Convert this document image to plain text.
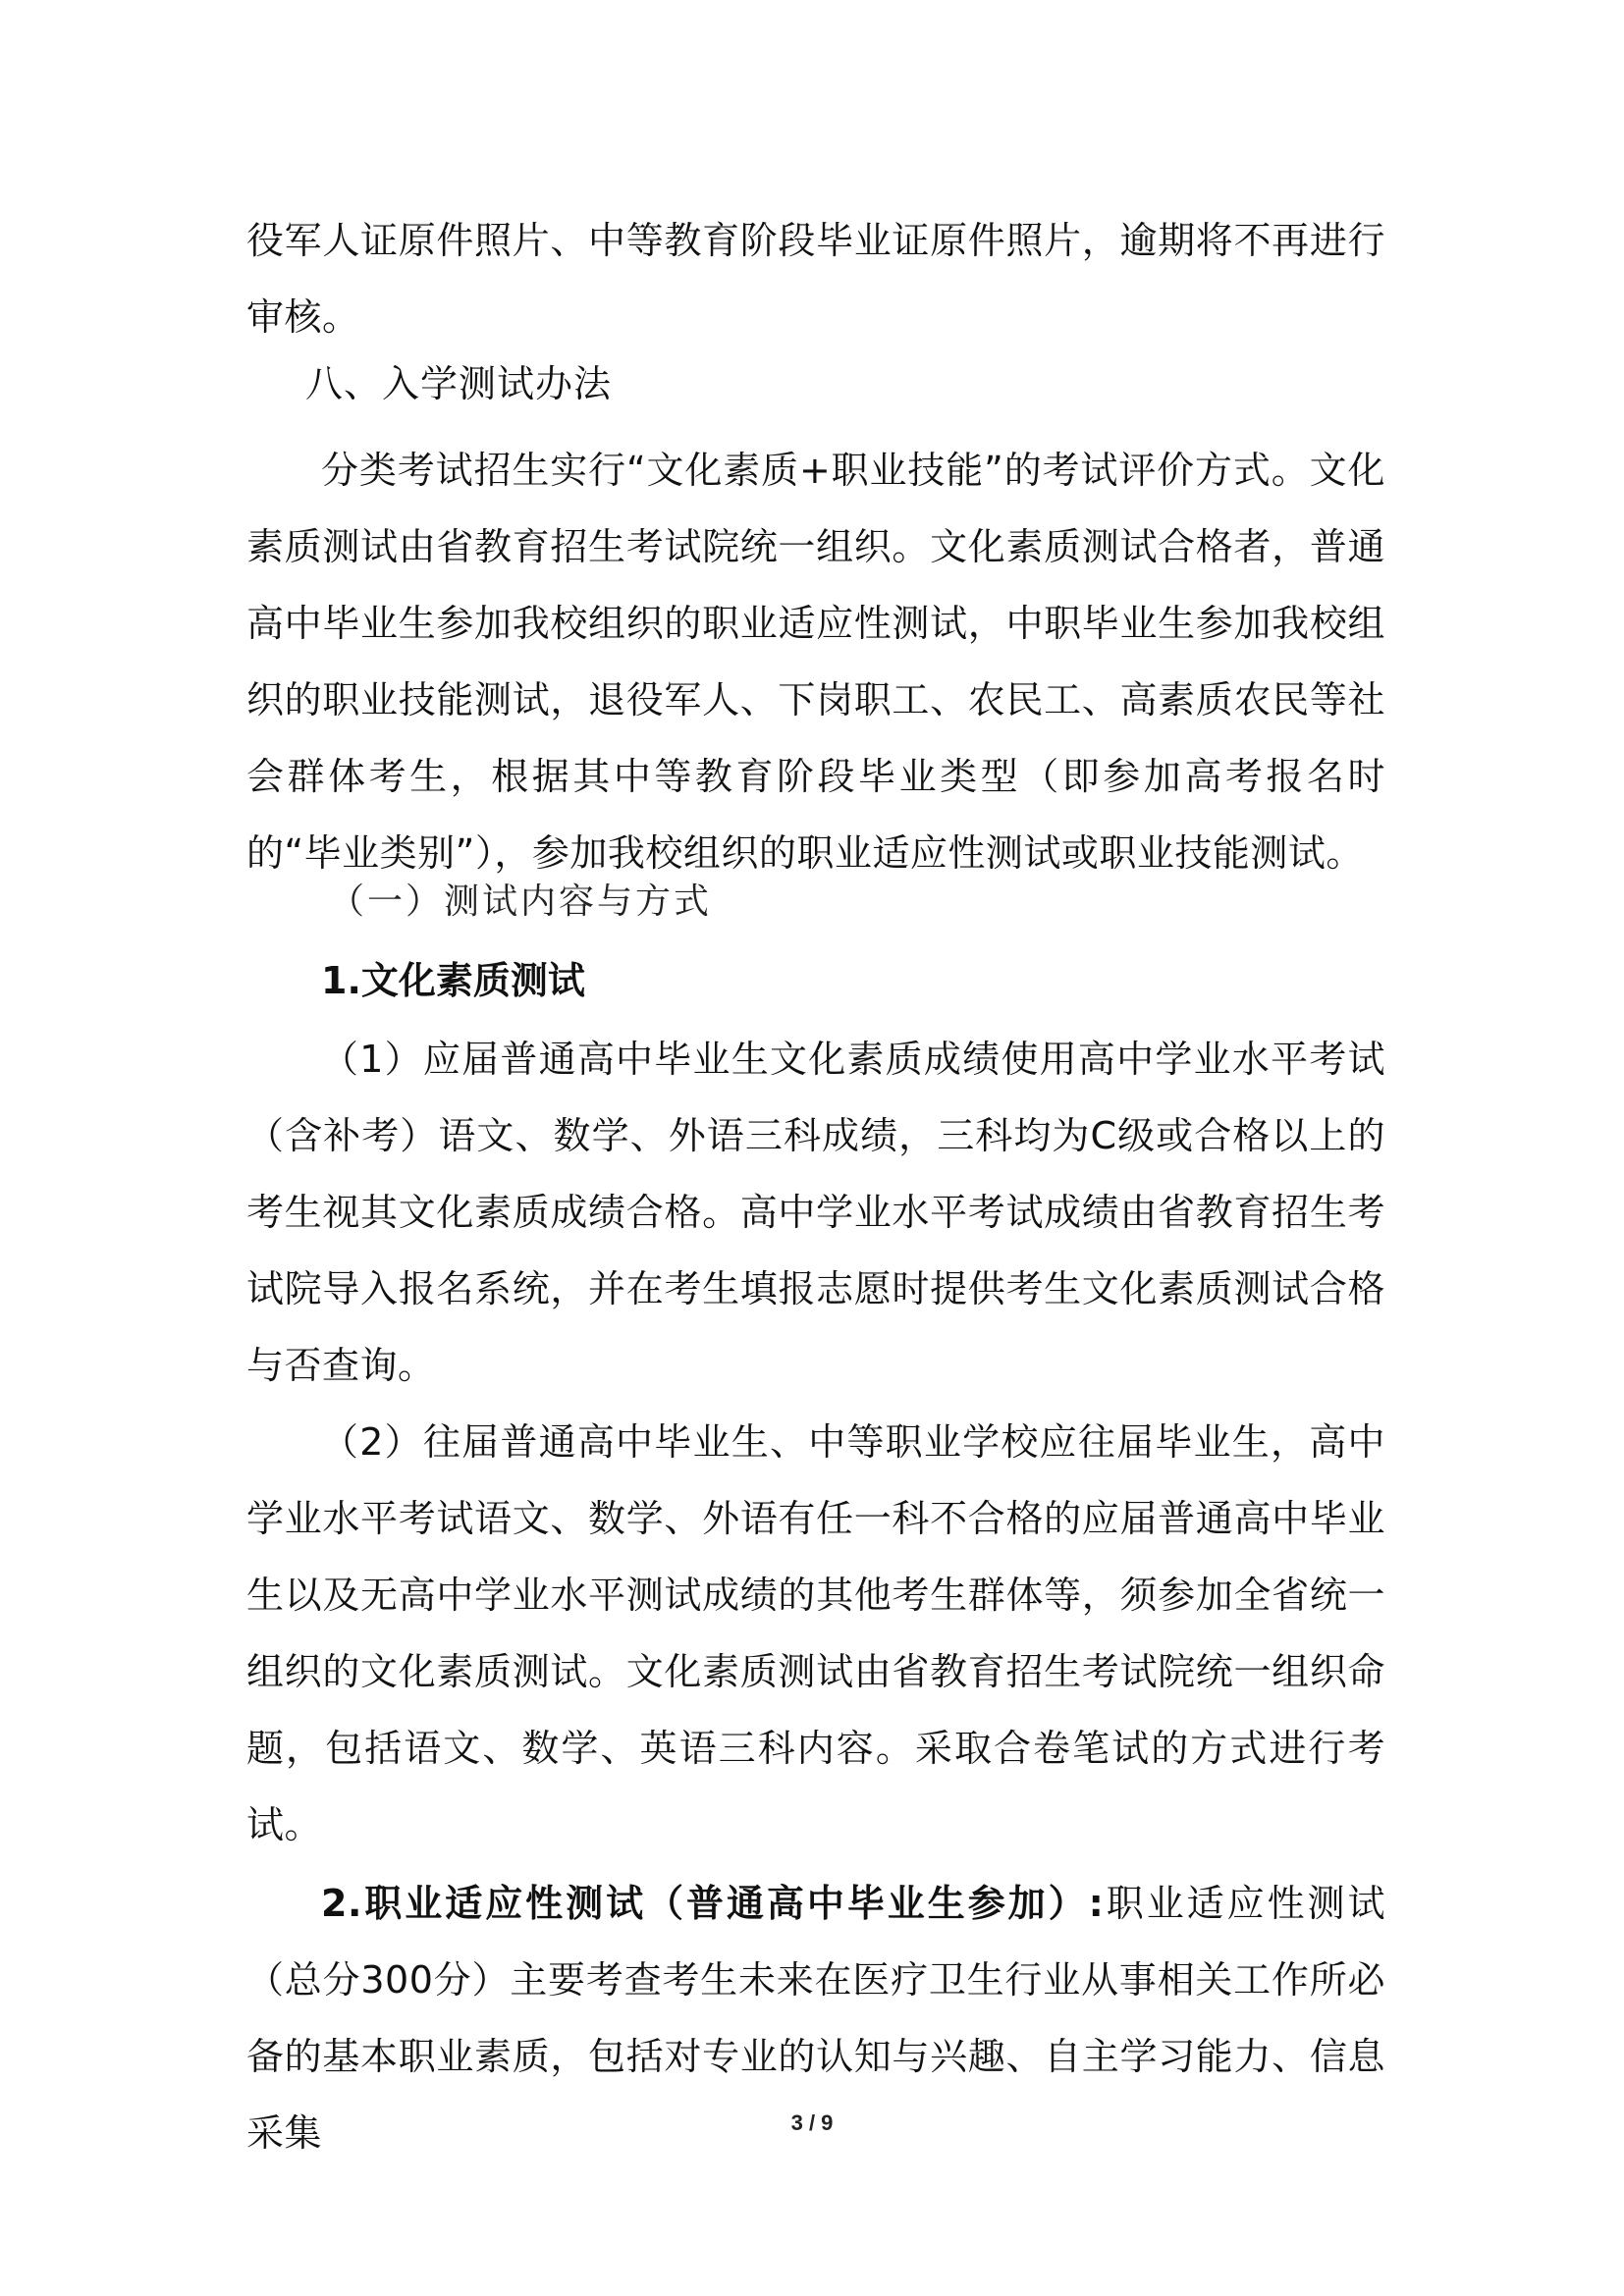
役军人证原件照片、中等教育阶段毕业证原件照片，逾期将不再进行审核。

八、入学测试办法

分类考试招生实行“文化素质+职业技能”的考试评价方式。文化素质测试由省教育招生考试院统一组织。文化素质测试合格者，普通高中毕业生参加我校组织的职业适应性测试，中职毕业生参加我校组织的职业技能测试，退役军人、下岗职工、农民工、高素质农民等社会群体考生，根据其中等教育阶段毕业类型（即参加高考报名时的“毕业类别”），参加我校组织的职业适应性测试或职业技能测试。

（一）测试内容与方式

1.文化素质测试

（1）应届普通高中毕业生文化素质成绩使用高中学业水平考试（含补考）语文、数学、外语三科成绩，三科均为C级或合格以上的考生视其文化素质成绩合格。高中学业水平考试成绩由省教育招生考试院导入报名系统，并在考生填报志愿时提供考生文化素质测试合格与否查询。

（2）往届普通高中毕业生、中等职业学校应往届毕业生，高中学业水平考试语文、数学、外语有任一科不合格的应届普通高中毕业生以及无高中学业水平测试成绩的其他考生群体等，须参加全省统一组织的文化素质测试。文化素质测试由省教育招生考试院统一组织命题，包括语文、数学、英语三科内容。采取合卷笔试的方式进行考试。

2.职业适应性测试（普通高中毕业生参加）:职业适应性测试（总分300分）主要考查考生未来在医疗卫生行业从事相关工作所必备的基本职业素质，包括对专业的认知与兴趣、自主学习能力、信息采集	3 / 9
